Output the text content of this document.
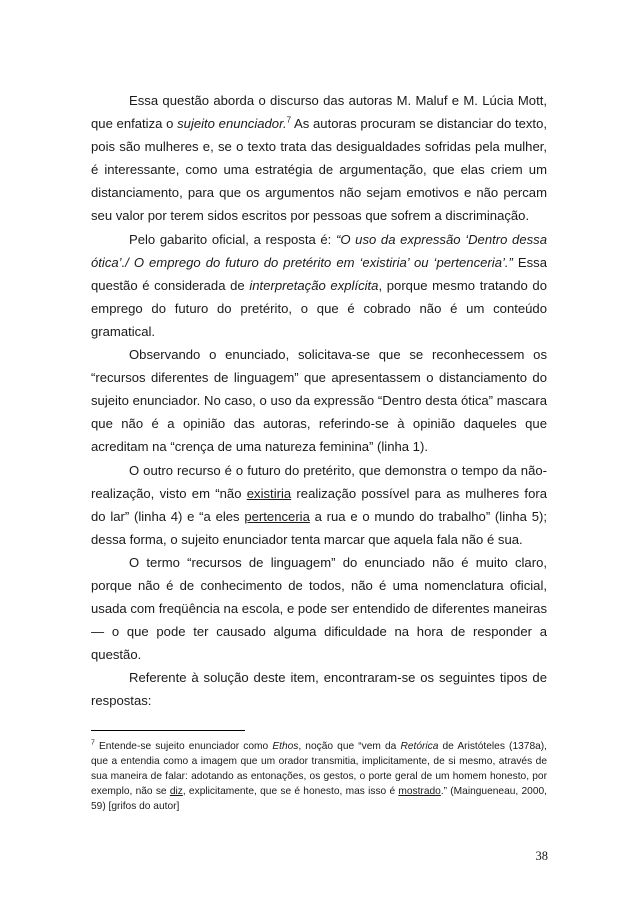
Essa questão aborda o discurso das autoras M. Maluf e M. Lúcia Mott, que enfatiza o sujeito enunciador.$^7$ As autoras procuram se distanciar do texto, pois são mulheres e, se o texto trata das desigualdades sofridas pela mulher, é interessante, como uma estratégia de argumentação, que elas criem um distanciamento, para que os argumentos não sejam emotivos e não percam seu valor por terem sidos escritos por pessoas que sofrem a discriminação.

Pelo gabarito oficial, a resposta é: “O uso da expressão ‘Dentro dessa ótica’./ O emprego do futuro do pretérito em ‘existiria’ ou ‘pertenceria’.” Essa questão é considerada de interpretação explícita, porque mesmo tratando do emprego do futuro do pretérito, o que é cobrado não é um conteúdo gramatical.

Observando o enunciado, solicitava-se que se reconhecessem os “recursos diferentes de linguagem” que apresentassem o distanciamento do sujeito enunciador. No caso, o uso da expressão “Dentro desta ótica” mascara que não é a opinião das autoras, referindo-se à opinião daqueles que acreditam na “crença de uma natureza feminina” (linha 1).

O outro recurso é o futuro do pretérito, que demonstra o tempo da não-realização, visto em “não existiria realização possível para as mulheres fora do lar” (linha 4) e “a eles pertenceria a rua e o mundo do trabalho” (linha 5); dessa forma, o sujeito enunciador tenta marcar que aquela fala não é sua.

O termo “recursos de linguagem” do enunciado não é muito claro, porque não é de conhecimento de todos, não é uma nomenclatura oficial, usada com freqüência na escola, e pode ser entendido de diferentes maneiras — o que pode ter causado alguma dificuldade na hora de responder a questão.

Referente à solução deste item, encontraram-se os seguintes tipos de respostas:

$^7$ Entende-se sujeito enunciador como Ethos, noção que “vem da Retórica de Aristóteles (1378a), que a entendia como a imagem que um orador transmitia, implicitamente, de si mesmo, através de sua maneira de falar: adotando as entonações, os gestos, o porte geral de um homem honesto, por exemplo, não se diz, explicitamente, que se é honesto, mas isso é mostrado.” (Maingueneau, 2000, 59) [grifos do autor]
38
